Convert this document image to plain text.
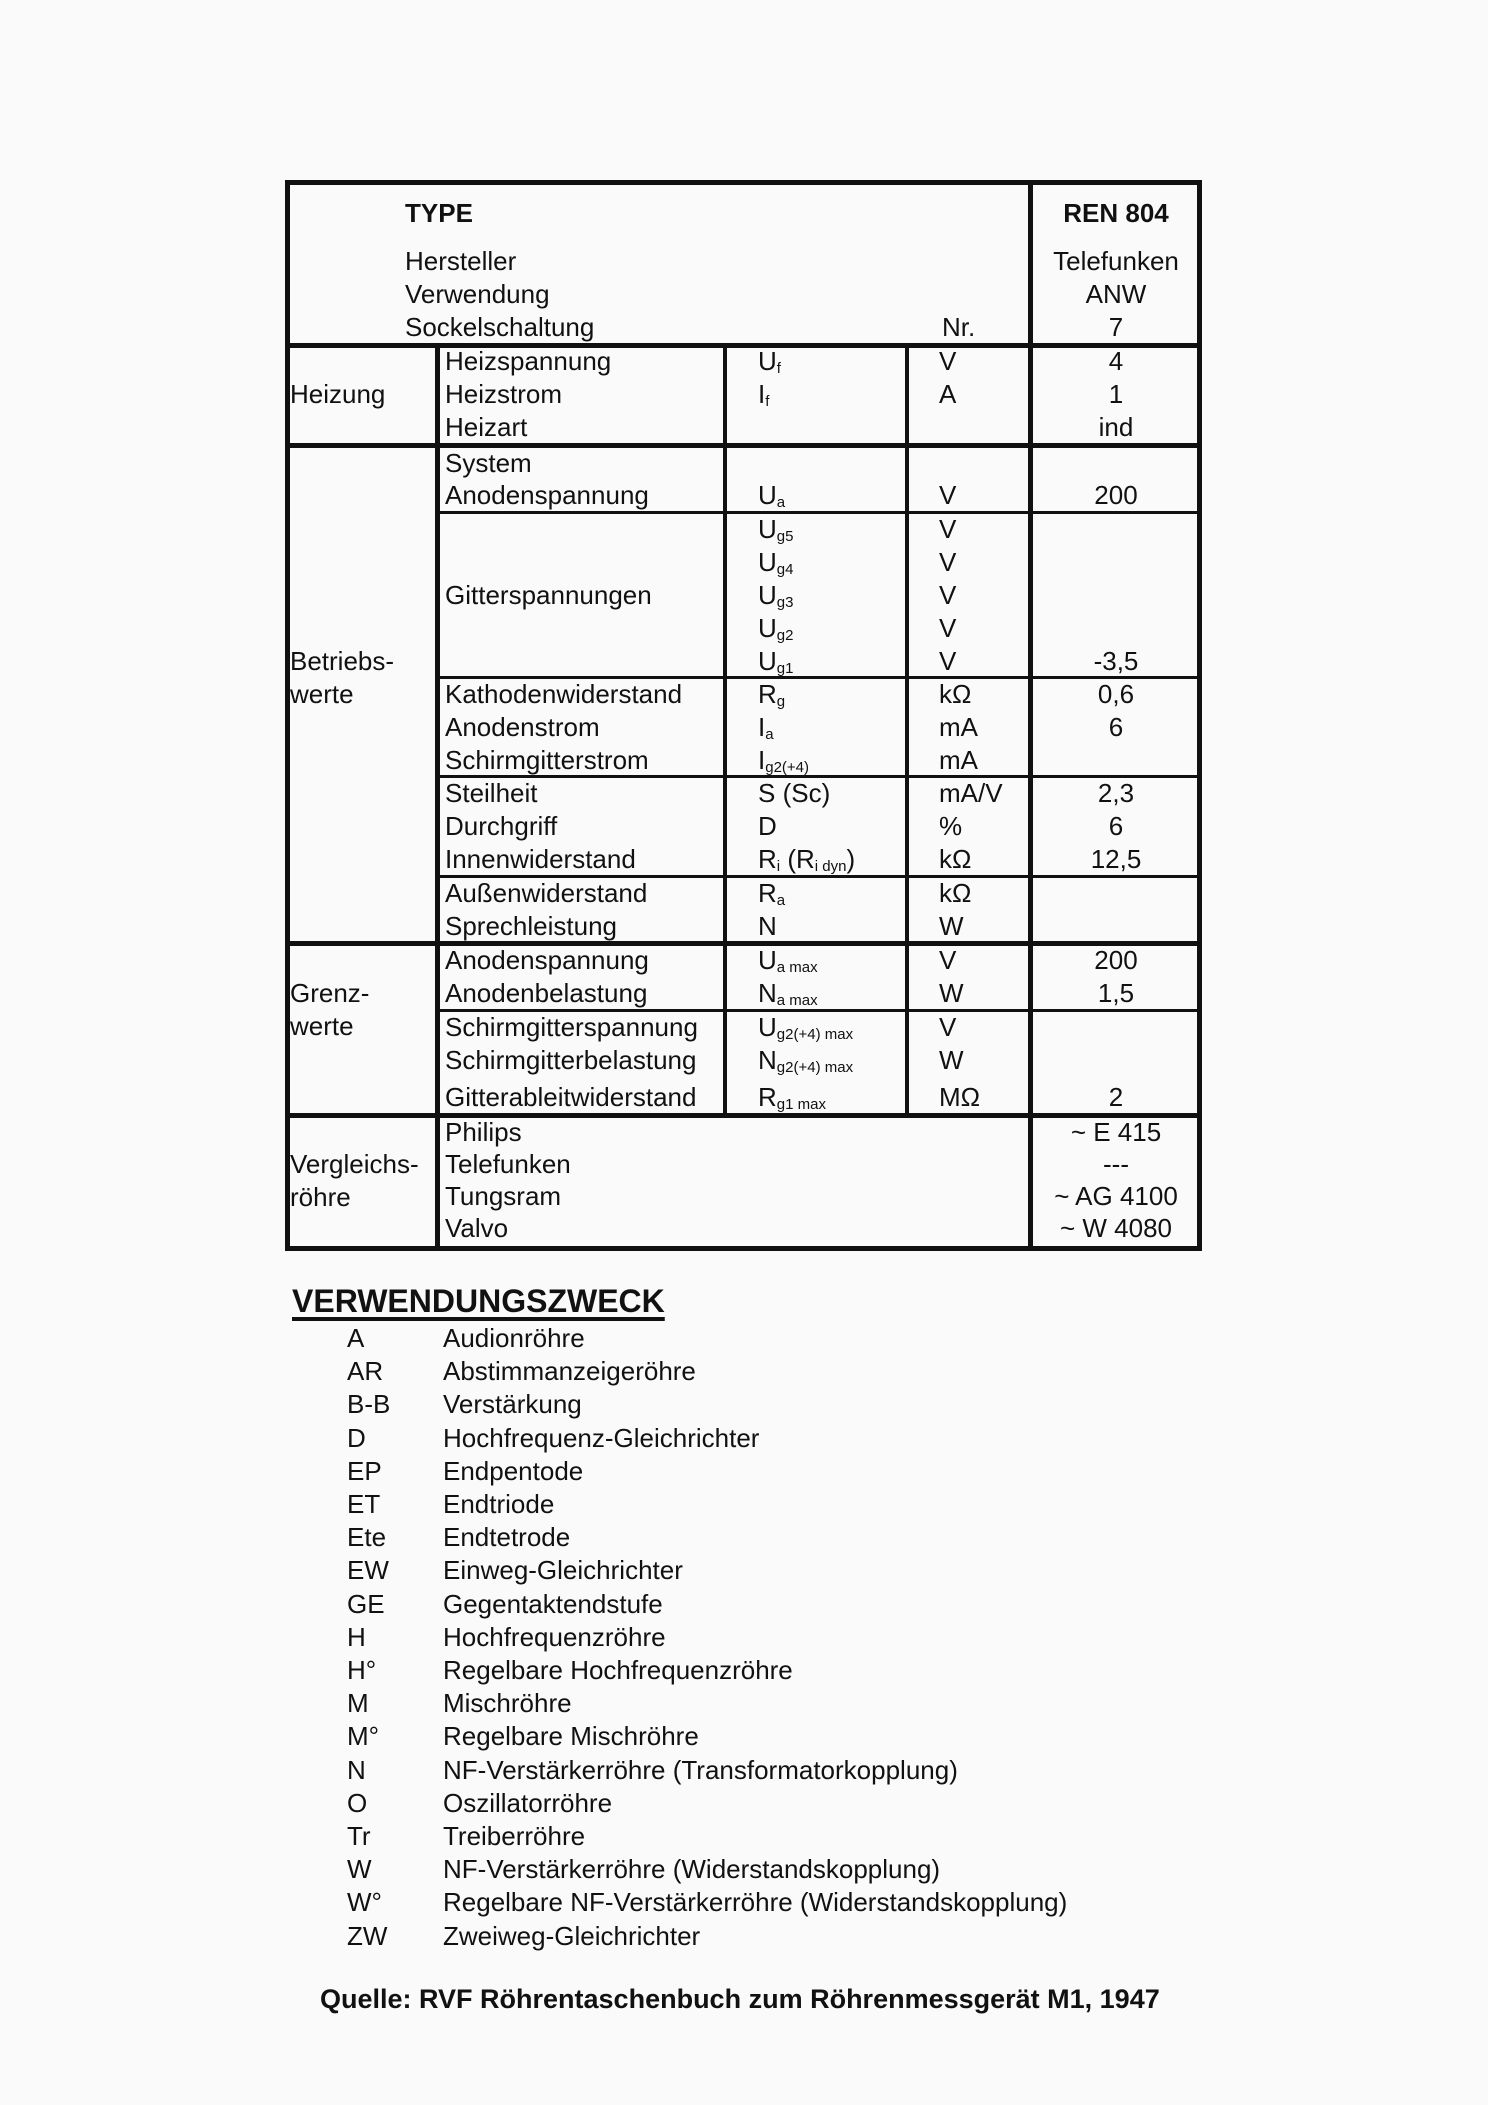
TYPE	REN 804
Hersteller	Telefunken
Verwendung	ANW
Sockelschaltung	Nr.	7
Heizung
Heizspannung	$U_f$	V	4
Heizstrom	$I_f$	A	1
Heizart	ind
Betriebs-
werte
System
Anodenspannung	$U_a$	V	200
Gitterspannungen
$U_{g5}$	V
$U_{g4}$	V
$U_{g3}$	V
$U_{g2}$	V
$U_{g1}$	V	-3,5
Kathodenwiderstand	$R_g$	kΩ	0,6
Anodenstrom	$I_a$	mA	6
Schirmgitterstrom	$I_{g2(+4)}$	mA
Steilheit	S (Sc)	mA/V	2,3
Durchgriff	D	%	6
Innenwiderstand	$R_i$ $(R_{i dyn})$	kΩ	12,5
Außenwiderstand	$R_a$	kΩ
Sprechleistung	N	W
Grenz-
werte
Anodenspannung	$U_{a max}$	V	200
Anodenbelastung	$N_{a max}$	W	1,5
Schirmgitterspannung $U_{g2(+4) max}$	V
Schirmgitterbelastung $N_{g2(+4) max}$	W
Gitterableitwiderstand $R_{g1 max}$	MΩ	2
Vergleichs-
röhre
Philips	~ E 415
Telefunken	---
Tungsram	~ AG 4100
Valvo	~ W 4080
VERWENDUNGSZWECK
A	Audionröhre
AR Abstimmanzeigeröhre
B-B Verstärkung
D	Hochfrequenz-Gleichrichter
EP Endpentode
ET Endtriode
Ete Endtetrode
EW Einweg-Gleichrichter
GE Gegentaktendstufe
H	Hochfrequenzröhre
H°	Regelbare Hochfrequenzröhre
M	Mischröhre
M° Regelbare Mischröhre
N	NF-Verstärkerröhre (Transformatorkopplung)
O	Oszillatorröhre
Tr	Treiberröhre
W	NF-Verstärkerröhre (Widerstandskopplung)
W° Regelbare NF-Verstärkerröhre (Widerstandskopplung)
ZW Zweiweg-Gleichrichter
Quelle: RVF Röhrentaschenbuch zum Röhrenmessgerät M1, 1947
